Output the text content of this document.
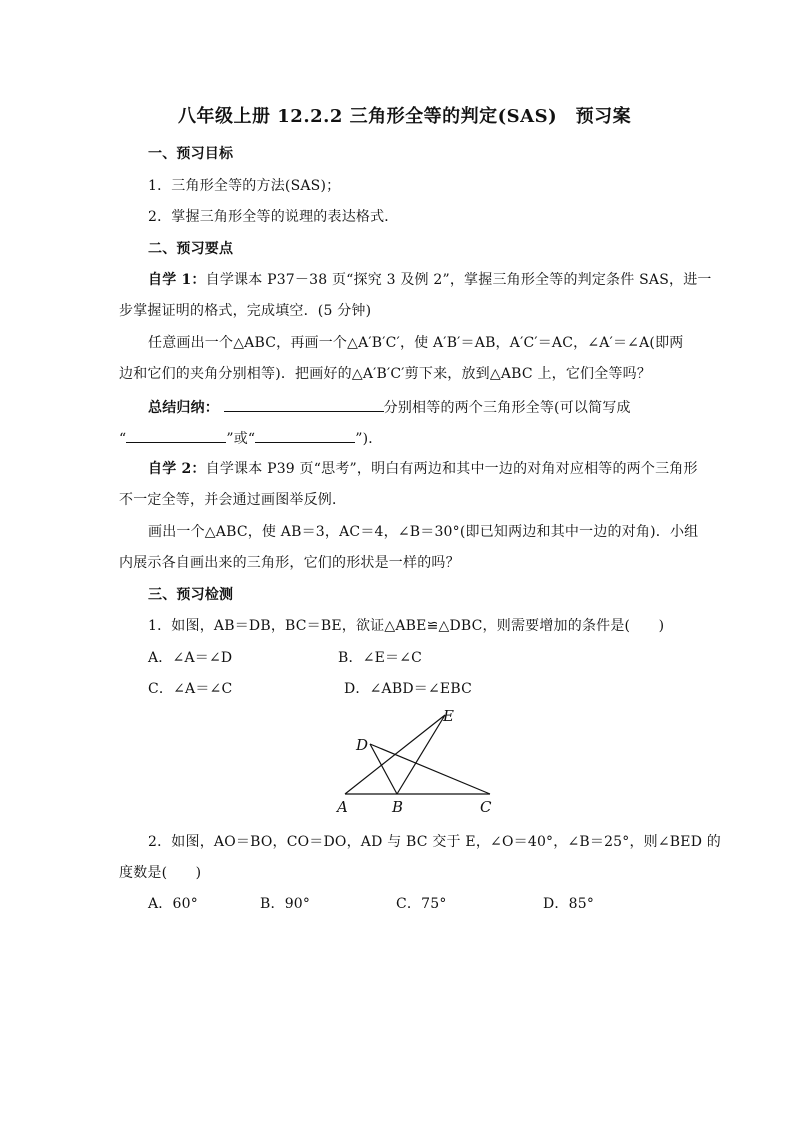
八年级上册 12.2.2 三角形全等的判定(SAS)　预习案
一、预习目标
1．三角形全等的方法(SAS)；
2．掌握三角形全等的说理的表达格式．
二、预习要点
自学 1：自学课本 P37－38 页“探究 3 及例 2”，掌握三角形全等的判定条件 SAS，进一
步掌握证明的格式，完成填空．(5 分钟)
任意画出一个△ABC，再画一个△A′B′C′，使 A′B′＝AB，A′C′＝AC，∠A′＝∠A(即两
边和它们的夹角分别相等)．把画好的△A′B′C′剪下来，放到△ABC 上，它们全等吗？
总结归纳：	分别相等的两个三角形全等(可以简写成
“	”或“	”)．
自学 2：自学课本 P39 页“思考”，明白有两边和其中一边的对角对应相等的两个三角形
不一定全等，并会通过画图举反例．
画出一个△ABC，使 AB＝3，AC＝4，∠B＝30°(即已知两边和其中一边的对角)．小组
内展示各自画出来的三角形，它们的形状是一样的吗？
三、预习检测
1．如图，AB＝DB，BC＝BE，欲证△ABE≌△DBC，则需要增加的条件是(　　)
A．∠A＝∠D	B．∠E＝∠C
C．∠A＝∠C	D．∠ABD＝∠EBC
A	B	C
D
E
2．如图，AO＝BO，CO＝DO，AD 与 BC 交于 E，∠O＝40°，∠B＝25°，则∠BED 的
度数是(　　)
A．60°	B．90°	C．75°	D．85°
